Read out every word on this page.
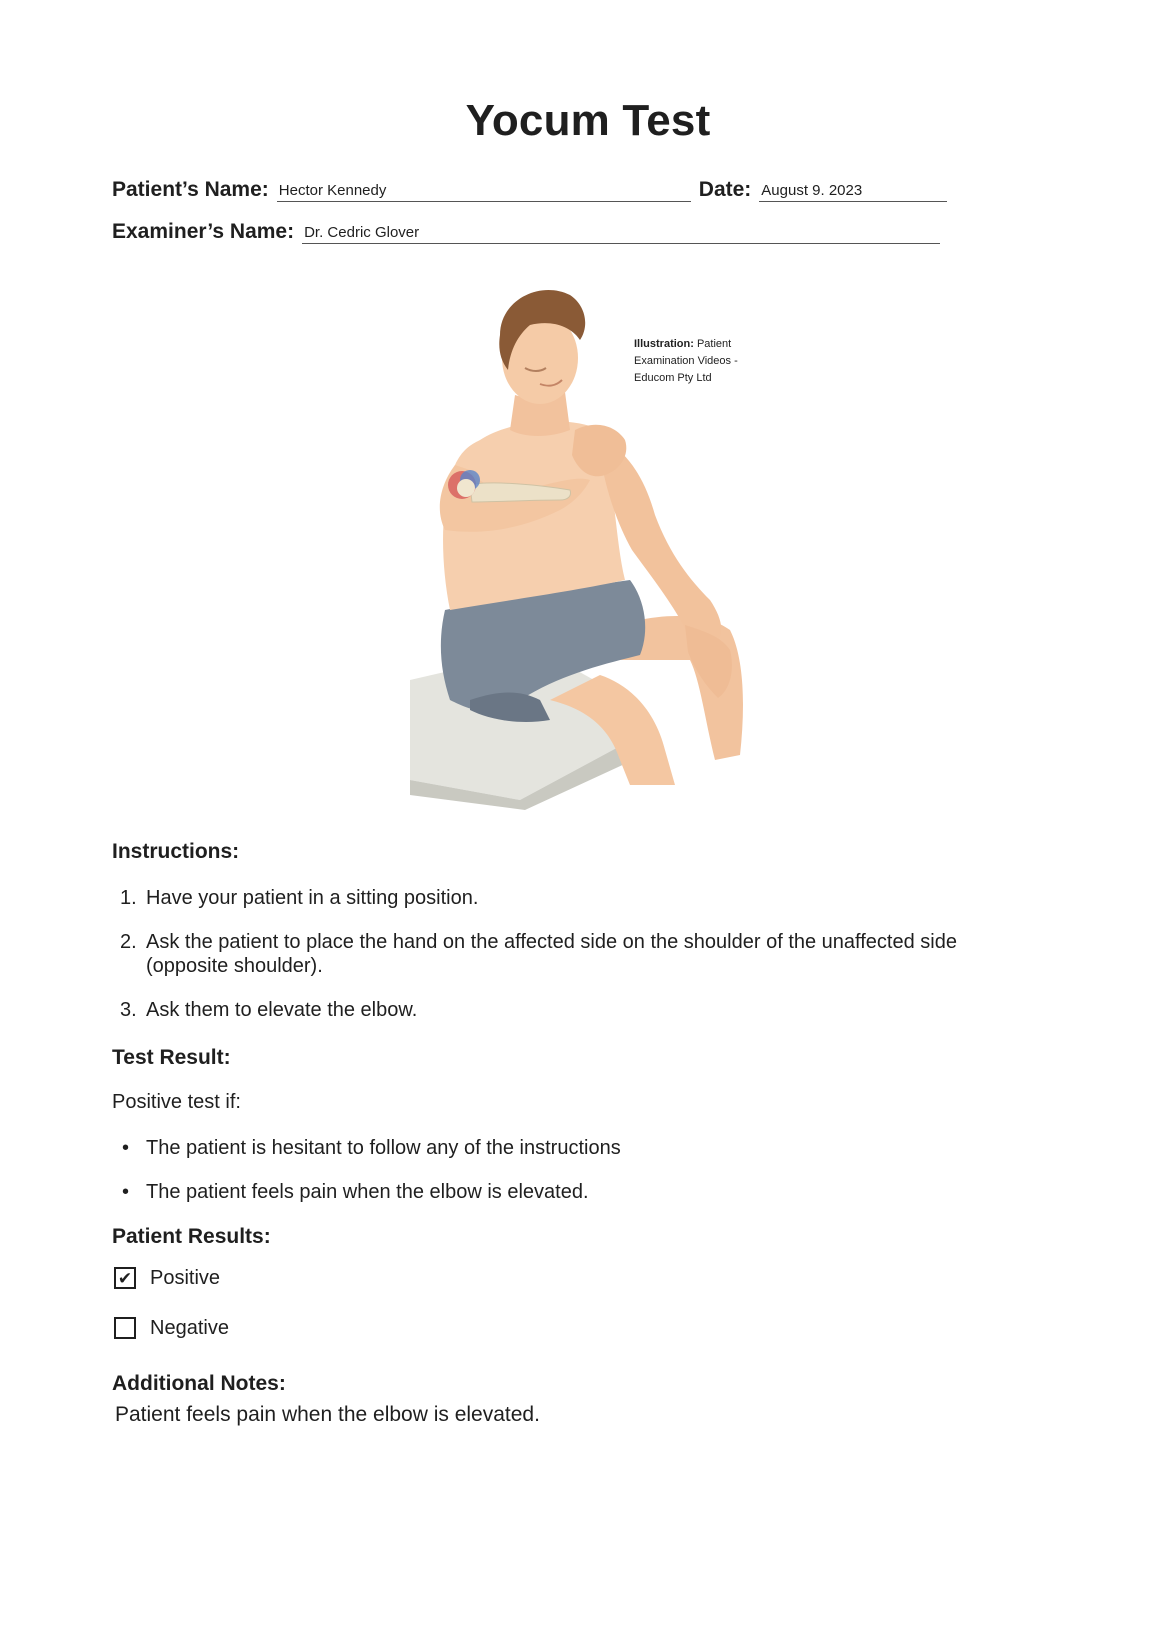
Yocum Test
Patient’s Name: Hector Kennedy	Date: August 9. 2023
Examiner’s Name: Dr. Cedric Glover
Illustration: Patient Examination Videos - Educom Pty Ltd
Instructions:
1. Have your patient in a sitting position.
2. Ask the patient to place the hand on the affected side on the shoulder of the unaffected side (opposite shoulder).
3. Ask them to elevate the elbow.
Test Result:
Positive test if:
• The patient is hesitant to follow any of the instructions
• The patient feels pain when the elbow is elevated.
Patient Results:
✔ Positive
Negative
Additional Notes:
Patient feels pain when the elbow is elevated.
